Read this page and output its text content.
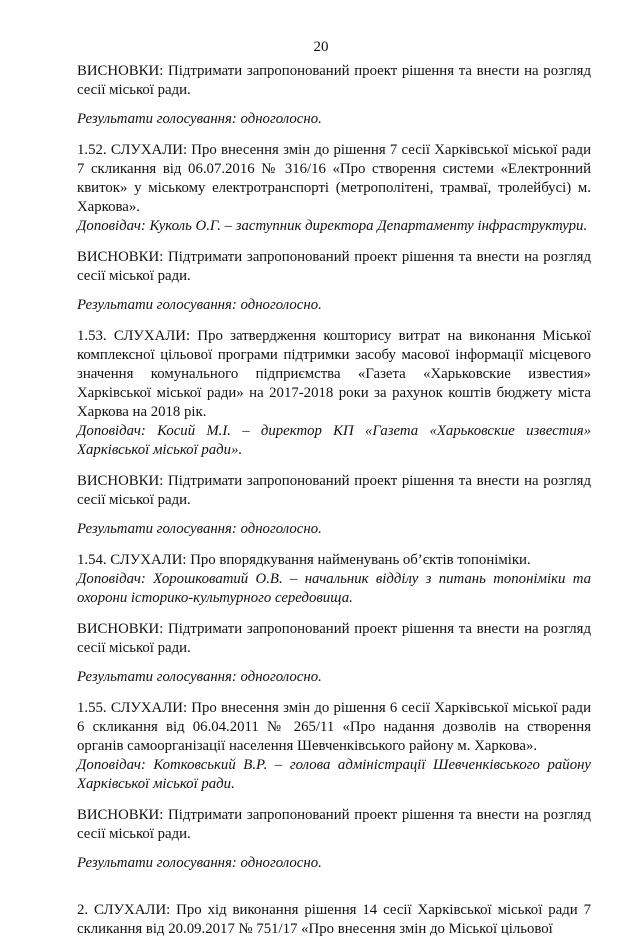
20

ВИСНОВКИ: Підтримати запропонований проект рішення та внести на розгляд сесії міської ради.

Результати голосування: одноголосно.

1.52. СЛУХАЛИ: Про внесення змін до рішення 7 сесії Харківської міської ради 7 скликання від 06.07.2016 № 316/16 «Про створення системи «Електронний квиток» у міському електротранспорті (метрополітені, трамваї, тролейбусі) м. Харкова».

Доповідач: Куколь О.Г. – заступник директора Департаменту інфраструктури.

ВИСНОВКИ: Підтримати запропонований проект рішення та внести на розгляд сесії міської ради.

Результати голосування: одноголосно.

1.53. СЛУХАЛИ: Про затвердження кошторису витрат на виконання Міської комплексної цільової програми підтримки засобу масової інформації місцевого значення комунального підприємства «Газета «Харьковские известия» Харківської міської ради» на 2017-2018 роки за рахунок коштів бюджету міста Харкова на 2018 рік.

Доповідач: Косий М.І. – директор КП «Газета «Харьковские известия» Харківської міської ради».

ВИСНОВКИ: Підтримати запропонований проект рішення та внести на розгляд сесії міської ради.

Результати голосування: одноголосно.

1.54. СЛУХАЛИ: Про впорядкування найменувань об’єктів топоніміки.

Доповідач: Хорошковатий О.В. – начальник відділу з питань топоніміки та охорони історико-культурного середовища.

ВИСНОВКИ: Підтримати запропонований проект рішення та внести на розгляд сесії міської ради.

Результати голосування: одноголосно.

1.55. СЛУХАЛИ: Про внесення змін до рішення 6 сесії Харківської міської ради 6 скликання від 06.04.2011 № 265/11 «Про надання дозволів на створення органів самоорганізації населення Шевченківського району м. Харкова».

Доповідач: Котковський В.Р. – голова адміністрації Шевченківського району Харківської міської ради.

ВИСНОВКИ: Підтримати запропонований проект рішення та внести на розгляд сесії міської ради.

Результати голосування: одноголосно.

2. СЛУХАЛИ: Про хід виконання рішення 14 сесії Харківської міської ради 7 скликання від 20.09.2017 № 751/17 «Про внесення змін до Міської цільової
